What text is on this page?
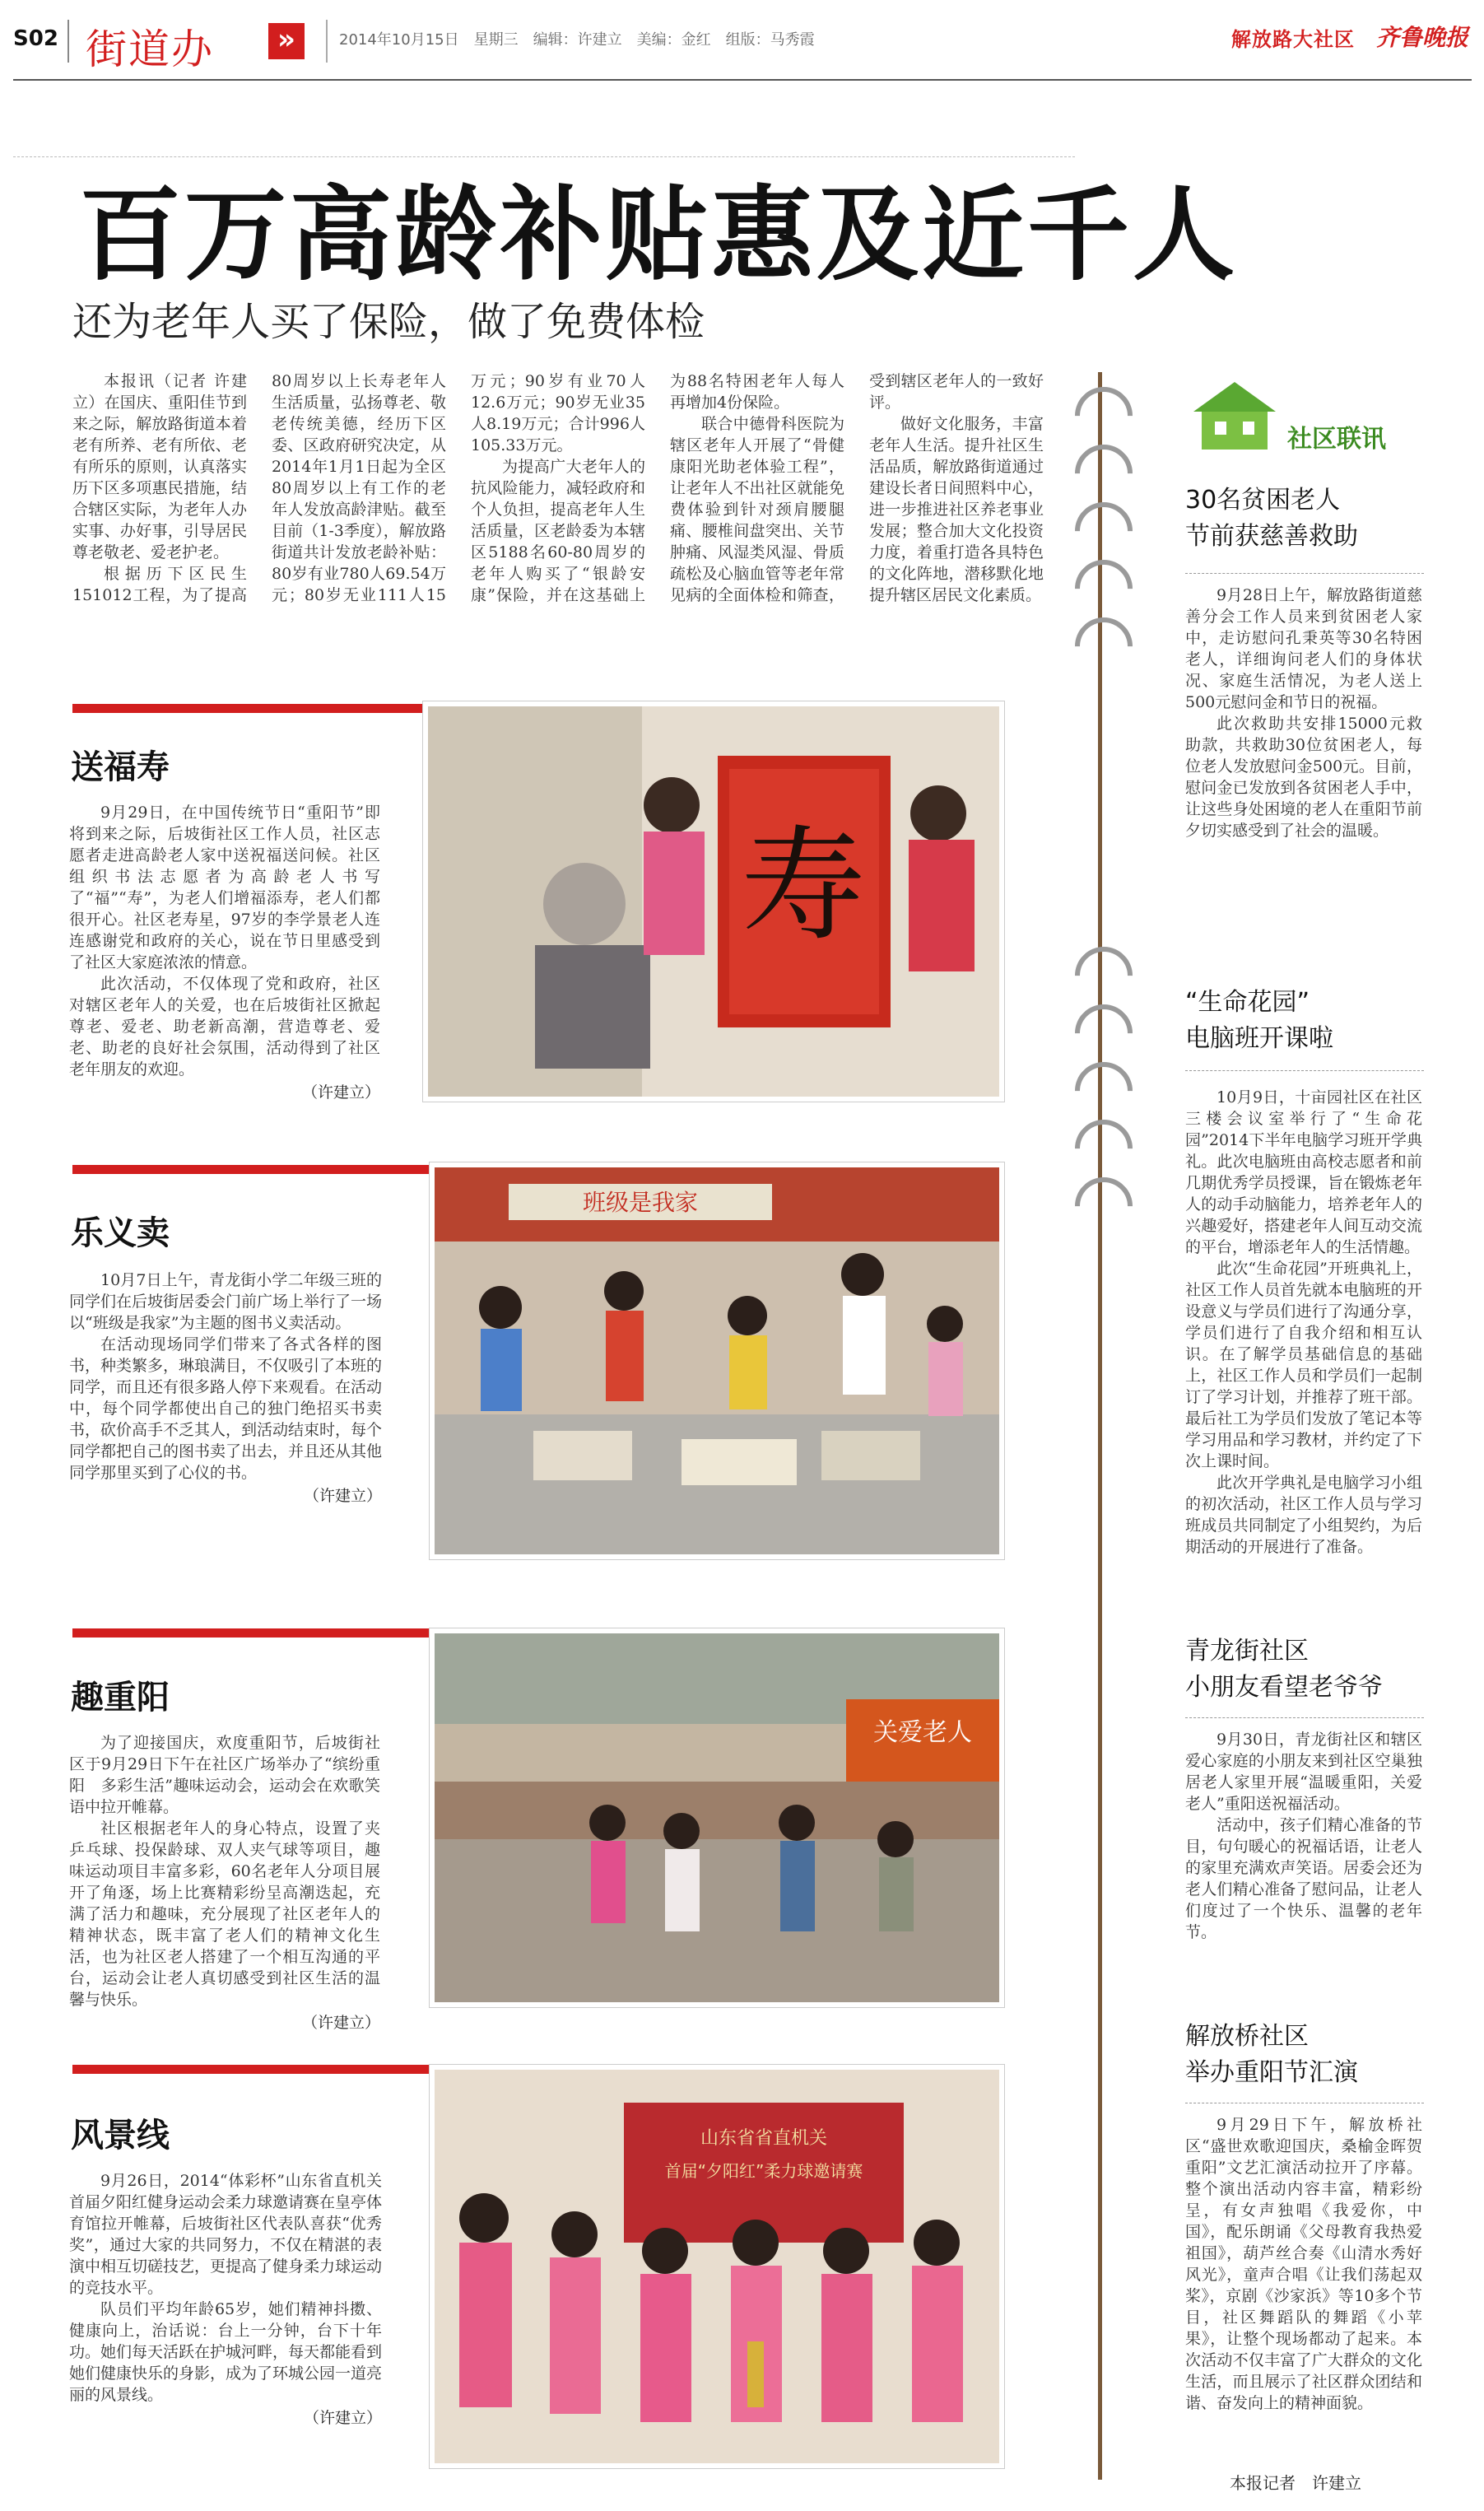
S02 街道办	»	2014年10月15日　星期三　编辑：许建立　美编：金红　组版：马秀霞	解放路大社区 齐鲁晚报
百万高龄补贴惠及近千人
还为老年人买了保险，做了免费体检

本报讯（记者 许建立）在国庆、重阳佳节到来之际，解放路街道本着老有所养、老有所依、老有所乐的原则，认真落实历下区多项惠民措施，结合辖区实际，为老年人办实事、办好事，引导居民尊老敬老、爱老护老。

根据历下区民生151012工程，为了提高80周岁以上长寿老年人生活质量，弘扬尊老、敬老传统美德，经历下区委、区政府研究决定，从2014年1月1日起为全区80周岁以上有工作的老年人发放高龄津贴。截至目前（1-3季度），解放路街道共计发放老龄补贴：80岁有业780人69.54万元；80岁无业111人15万元；90岁有业70人12.6万元；90岁无业35人8.19万元；合计996人105.33万元。

为提高广大老年人的抗风险能力，减轻政府和个人负担，提高老年人生活质量，区老龄委为本辖区5188名60-80周岁的老年人购买了“银龄安康”保险，并在这基础上为88名特困老年人每人再增加4份保险。

联合中德骨科医院为辖区老年人开展了“骨健康阳光助老体验工程”，让老年人不出社区就能免费体验到针对颈肩腰腿痛、腰椎间盘突出、关节肿痛、风湿类风湿、骨质疏松及心脑血管等老年常见病的全面体检和筛查，受到辖区老年人的一致好评。

做好文化服务，丰富老年人生活。提升社区生活品质，解放路街道通过建设长者日间照料中心，进一步推进社区养老事业发展；整合加大文化投资力度，着重打造各具特色的文化阵地，潜移默化地提升辖区居民文化素质。

送福寿

9月29日，在中国传统节日“重阳节”即将到来之际，后坡街社区工作人员，社区志愿者走进高龄老人家中送祝福送问候。社区组织书法志愿者为高龄老人书写了“福”“寿”，为老人们增福添寿，老人们都很开心。社区老寿星，97岁的李学景老人连连感谢党和政府的关心，说在节日里感受到了社区大家庭浓浓的情意。

此次活动，不仅体现了党和政府，社区对辖区老年人的关爱，也在后坡街社区掀起尊老、爱老、助老新高潮，营造尊老、爱老、助老的良好社会氛围，活动得到了社区老年朋友的欢迎。

（许建立）
寿
乐义卖

10月7日上午，青龙街小学二年级三班的同学们在后坡街居委会门前广场上举行了一场以“班级是我家”为主题的图书义卖活动。

在活动现场同学们带来了各式各样的图书，种类繁多，琳琅满目，不仅吸引了本班的同学，而且还有很多路人停下来观看。在活动中，每个同学都使出自己的独门绝招买书卖书，砍价高手不乏其人，到活动结束时，每个同学都把自己的图书卖了出去，并且还从其他同学那里买到了心仪的书。

（许建立）
班级是我家
趣重阳

为了迎接国庆，欢度重阳节，后坡街社区于9月29日下午在社区广场举办了“缤纷重阳　多彩生活”趣味运动会，运动会在欢歌笑语中拉开帷幕。

社区根据老年人的身心特点，设置了夹乒乓球、投保龄球、双人夹气球等项目，趣味运动项目丰富多彩，60名老年人分项目展开了角逐，场上比赛精彩纷呈高潮迭起，充满了活力和趣味，充分展现了社区老年人的精神状态，既丰富了老人们的精神文化生活，也为社区老人搭建了一个相互沟通的平台，运动会让老人真切感受到社区生活的温馨与快乐。

（许建立）
关爱老人
风景线

9月26日，2014“体彩杯”山东省直机关首届夕阳红健身运动会柔力球邀请赛在皇亭体育馆拉开帷幕，后坡街社区代表队喜获“优秀奖”，通过大家的共同努力，不仅在精湛的表演中相互切磋技艺，更提高了健身柔力球运动的竞技水平。

队员们平均年龄65岁，她们精神抖擞、健康向上，治话说：台上一分钟，台下十年功。她们每天活跃在护城河畔，每天都能看到她们健康快乐的身影，成为了环城公园一道亮丽的风景线。

（许建立）
山东省省直机关
首届“夕阳红”柔力球邀请赛
社区联讯
30名贫困老人
节前获慈善救助

9月28日上午，解放路街道慈善分会工作人员来到贫困老人家中，走访慰问孔秉英等30名特困老人，详细询问老人们的身体状况、家庭生活情况，为老人送上500元慰问金和节日的祝福。

此次救助共安排15000元救助款，共救助30位贫困老人，每位老人发放慰问金500元。目前，慰问金已发放到各贫困老人手中，让这些身处困境的老人在重阳节前夕切实感受到了社会的温暖。

“生命花园”
电脑班开课啦

10月9日，十亩园社区在社区三楼会议室举行了“生命花园”2014下半年电脑学习班开学典礼。此次电脑班由高校志愿者和前几期优秀学员授课，旨在锻炼老年人的动手动脑能力，培养老年人的兴趣爱好，搭建老年人间互动交流的平台，增添老年人的生活情趣。

此次“生命花园”开班典礼上，社区工作人员首先就本电脑班的开设意义与学员们进行了沟通分享，学员们进行了自我介绍和相互认识。在了解学员基础信息的基础上，社区工作人员和学员们一起制订了学习计划，并推荐了班干部。最后社工为学员们发放了笔记本等学习用品和学习教材，并约定了下次上课时间。

此次开学典礼是电脑学习小组的初次活动，社区工作人员与学习班成员共同制定了小组契约，为后期活动的开展进行了准备。

青龙街社区
小朋友看望老爷爷

9月30日，青龙街社区和辖区爱心家庭的小朋友来到社区空巢独居老人家里开展“温暖重阳，关爱老人”重阳送祝福活动。

活动中，孩子们精心准备的节目，句句暖心的祝福话语，让老人的家里充满欢声笑语。居委会还为老人们精心准备了慰问品，让老人们度过了一个快乐、温馨的老年节。

解放桥社区
举办重阳节汇演

9月29日下午，解放桥社区“盛世欢歌迎国庆，桑榆金晖贺重阳”文艺汇演活动拉开了序幕。整个演出活动内容丰富，精彩纷呈，有女声独唱《我爱你，中国》，配乐朗诵《父母教育我热爱祖国》，葫芦丝合奏《山清水秀好风光》，童声合唱《让我们荡起双桨》，京剧《沙家浜》等10多个节目，社区舞蹈队的舞蹈《小苹果》，让整个现场都动了起来。本次活动不仅丰富了广大群众的文化生活，而且展示了社区群众团结和谐、奋发向上的精神面貌。

本报记者　许建立
